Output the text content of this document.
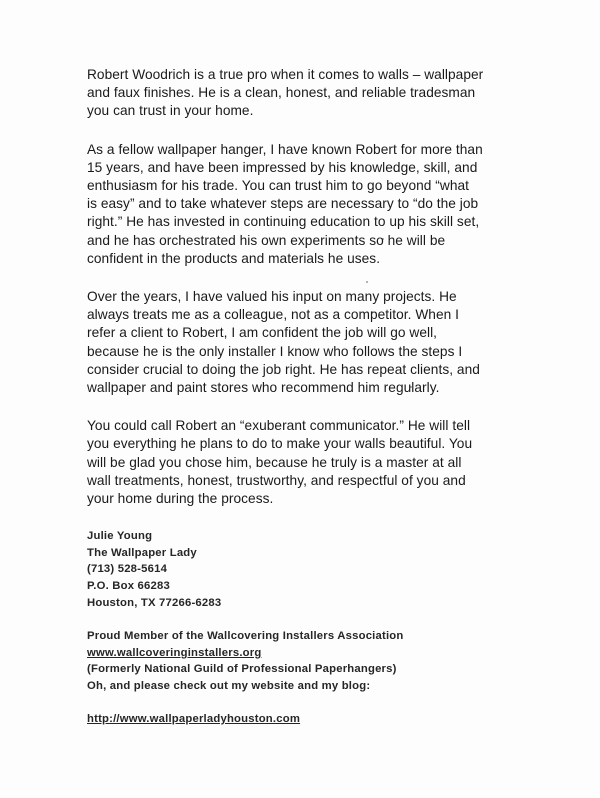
Robert Woodrich is a true pro when it comes to walls – wallpaper
and faux finishes. He is a clean, honest, and reliable tradesman
you can trust in your home.

As a fellow wallpaper hanger, I have known Robert for more than
15 years, and have been impressed by his knowledge, skill, and
enthusiasm for his trade. You can trust him to go beyond “what
is easy” and to take whatever steps are necessary to “do the job
right.” He has invested in continuing education to up his skill set,
and he has orchestrated his own experiments so he will be
confident in the products and materials he uses.

Over the years, I have valued his input on many projects. He
always treats me as a colleague, not as a competitor. When I
refer a client to Robert, I am confident the job will go well,
because he is the only installer I know who follows the steps I
consider crucial to doing the job right. He has repeat clients, and
wallpaper and paint stores who recommend him regularly.

You could call Robert an “exuberant communicator.” He will tell
you everything he plans to do to make your walls beautiful. You
will be glad you chose him, because he truly is a master at all
wall treatments, honest, trustworthy, and respectful of you and
your home during the process.

Julie Young
The Wallpaper Lady
(713) 528-5614
P.O. Box 66283
Houston, TX 77266-6283
Proud Member of the Wallcovering Installers Association
www.wallcoveringinstallers.org
(Formerly National Guild of Professional Paperhangers)
Oh, and please check out my website and my blog:
http://www.wallpaperladyhouston.com
